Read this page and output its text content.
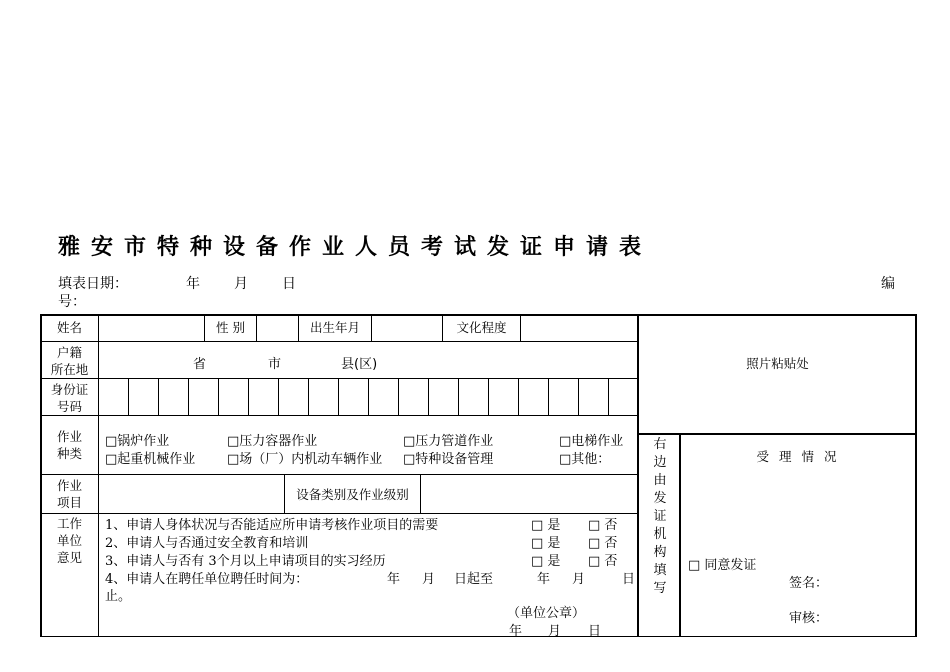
雅安市特种设备作业人员考试发证申请表
填表日期：	年 月 日	编
号：
姓名	性 别	出生年月	文化程度
户籍
所在地	省	市	县(区)
身份证
号码
作业
种类
□锅炉作业	□压力容器作业	□压力管道作业	□电梯作业
□起重机械作业 □场（厂）内机动车辆作业 □特种设备管理	□其他：
作业
项目
设备类别及作业级别
工作
单位
意见
1、申请人身体状况与否能适应所申请考核作业项目的需要	□ 是 □ 否
2、申请人与否通过安全教育和培训	□ 是 □ 否
3、申请人与否有 3个月以上申请项目的实习经历	□ 是 □ 否
4、申请人在聘任单位聘任时间为：	年 月 日起至	年 月	日
止。
（单位公章）
年 月 日
照片粘贴处
右边由发证机构填写
受 理 情 况
□ 同意发证
签名：
审核：
